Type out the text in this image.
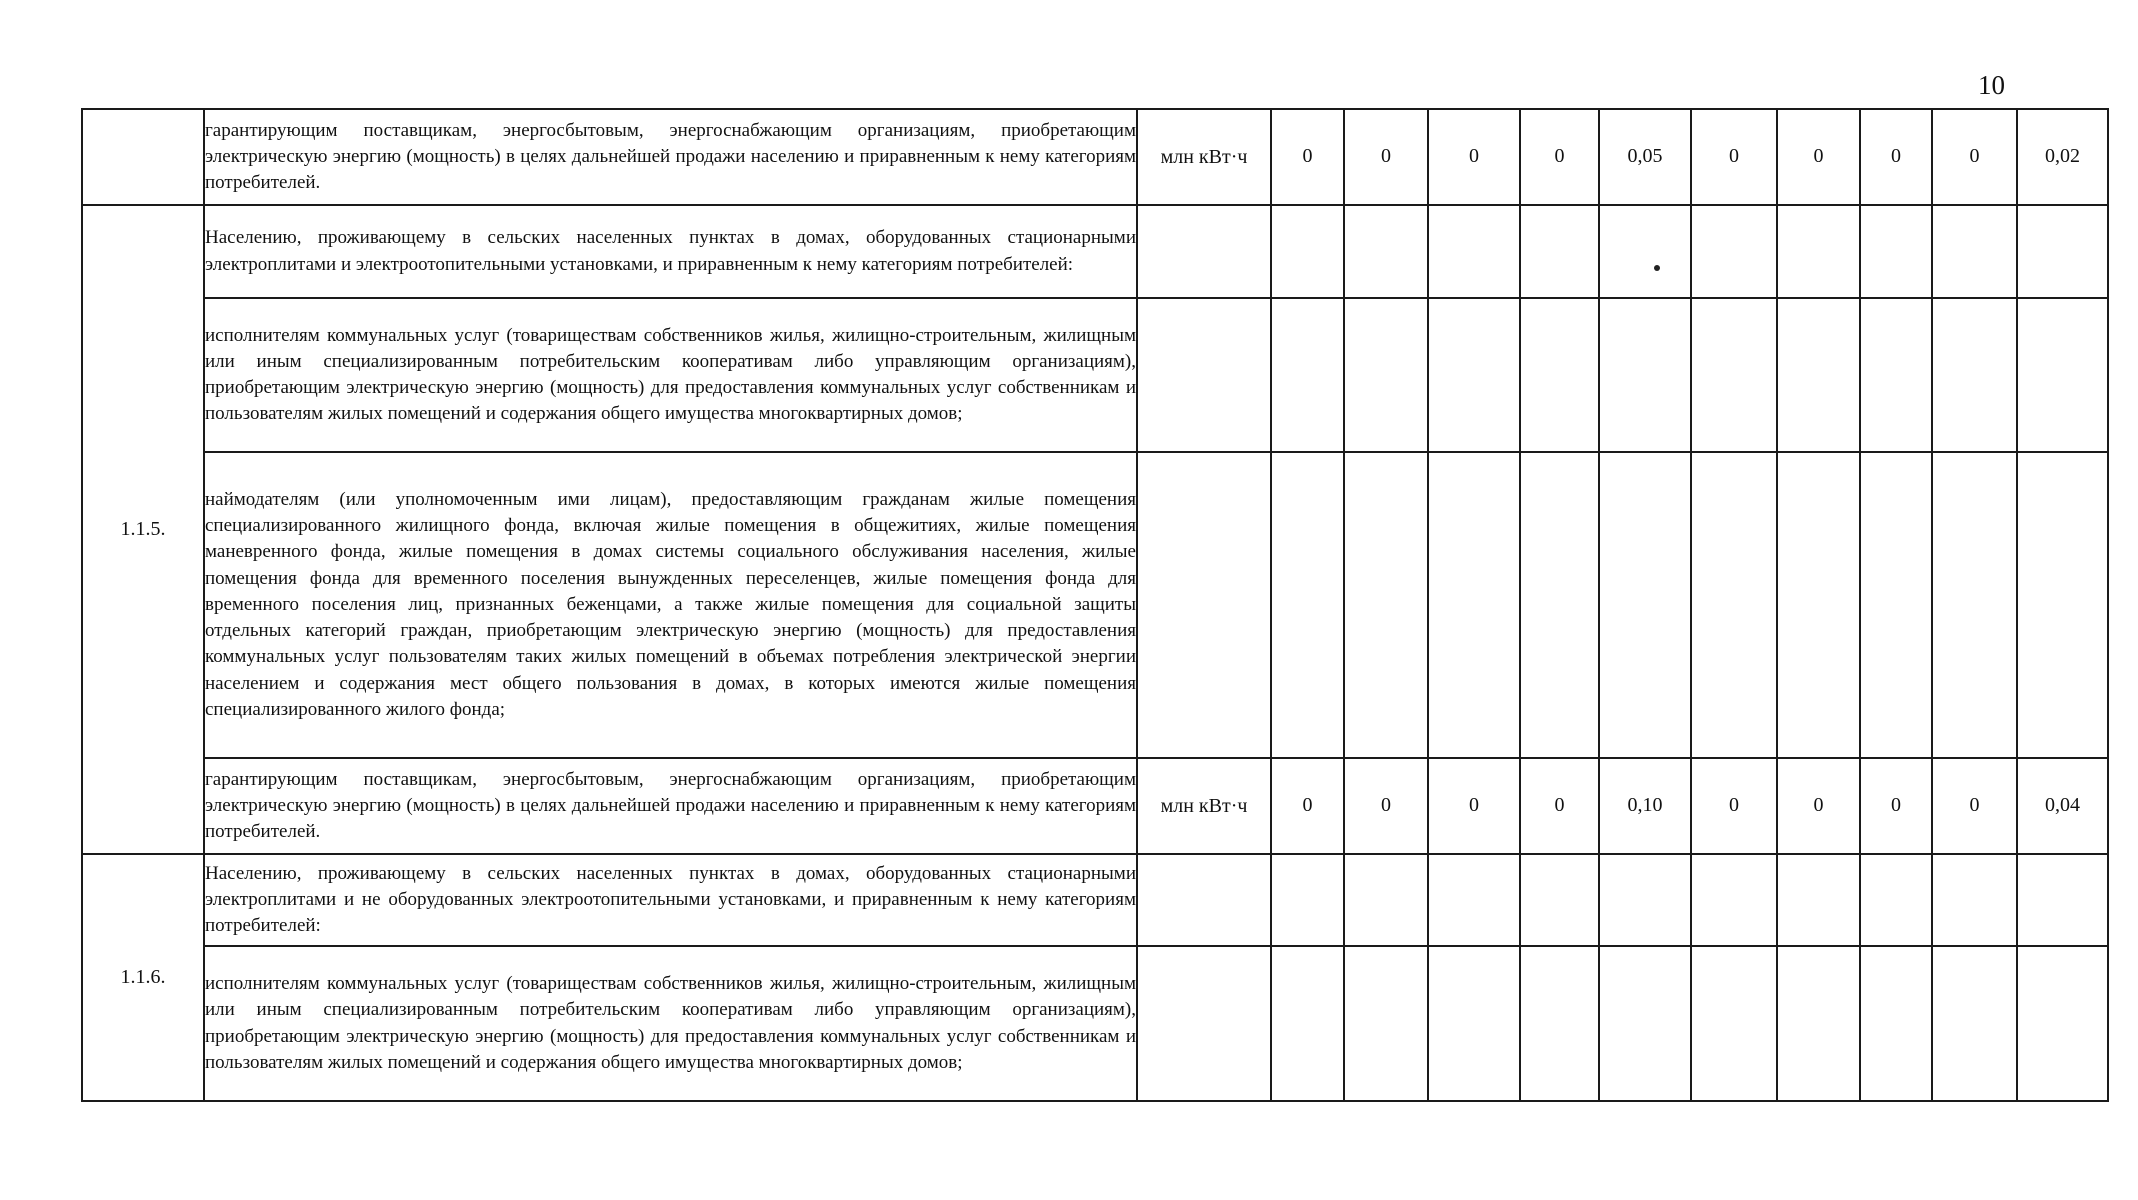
10
	гарантирующим поставщикам, энергосбытовым, энергоснабжающим организациям, приобретающим электрическую энергию (мощность) в целях дальнейшей продажи населению и приравненным к нему категориям потребителей.	млн кВт·ч	0	0	0	0	0,05	0	0	0	0	0,02
1.1.5.	Населению, проживающему в сельских населенных пунктах в домах, оборудованных стационарными электроплитами и электроотопительными установками, и приравненным к нему категориям потребителей:											
	исполнителям коммунальных услуг (товариществам собственников жилья, жилищно-строительным, жилищным или иным специализированным потребительским кооперативам либо управляющим организациям), приобретающим электрическую энергию (мощность) для предоставления коммунальных услуг собственникам и пользователям жилых помещений и содержания общего имущества многоквартирных домов;											
	наймодателям (или уполномоченным ими лицам), предоставляющим гражданам жилые помещения специализированного жилищного фонда, включая жилые помещения в общежитиях, жилые помещения маневренного фонда, жилые помещения в домах системы социального обслуживания населения, жилые помещения фонда для временного поселения вынужденных переселенцев, жилые помещения фонда для временного поселения лиц, признанных беженцами, а также жилые помещения для социальной защиты отдельных категорий граждан, приобретающим электрическую энергию (мощность) для предоставления коммунальных услуг пользователям таких жилых помещений в объемах потребления электрической энергии населением и содержания мест общего пользования в домах, в которых имеются жилые помещения специализированного жилого фонда;											
	гарантирующим поставщикам, энергосбытовым, энергоснабжающим организациям, приобретающим электрическую энергию (мощность) в целях дальнейшей продажи населению и приравненным к нему категориям потребителей.	млн кВт·ч	0	0	0	0	0,10	0	0	0	0	0,04
1.1.6.	Населению, проживающему в сельских населенных пунктах в домах, оборудованных стационарными электроплитами и не оборудованных электроотопительными установками, и приравненным к нему категориям потребителей:											
	исполнителям коммунальных услуг (товариществам собственников жилья, жилищно-строительным, жилищным или иным специализированным потребительским кооперативам либо управляющим организациям), приобретающим электрическую энергию (мощность) для предоставления коммунальных услуг собственникам и пользователям жилых помещений и содержания общего имущества многоквартирных домов;											
